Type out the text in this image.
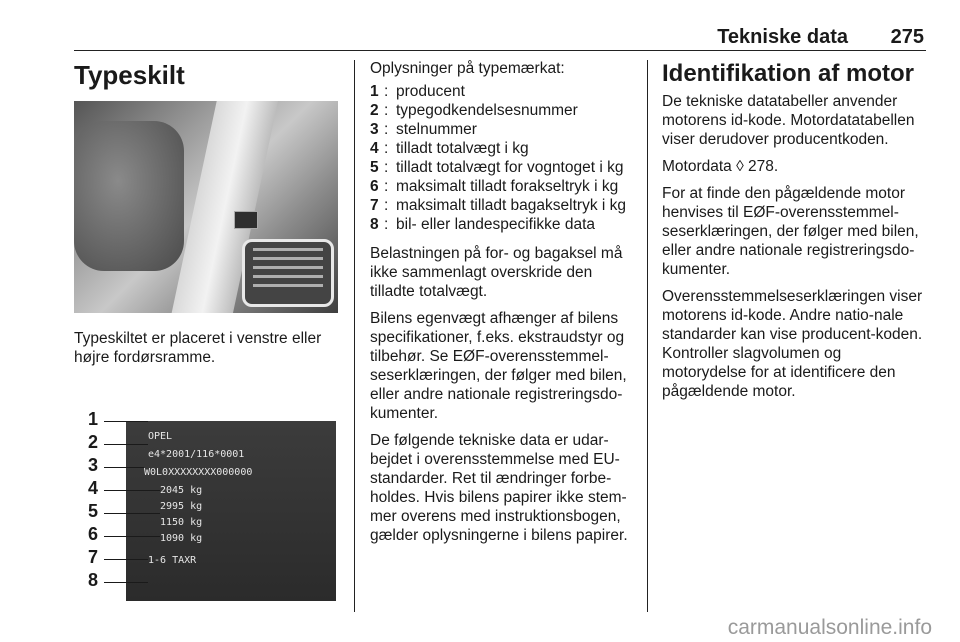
Tekniske data 275
Typeskilt

Typeskiltet er placeret i venstre eller højre fordørsramme.

OPEL
e4*2001/116*0001
W0L0XXXXXXXX000000
2045 kg
2995 kg
1150 kg
1090 kg
1-6 TAXR
1
2
3
4
5
6
7
8
Oplysninger på typemærkat:
1 : producent
2 : typegodkendelsesnummer
3 : stelnummer
4 : tilladt totalvægt i kg
5 : tilladt totalvægt for vogntoget i kg
6 : maksimalt tilladt forakseltryk i kg
7 : maksimalt tilladt bagakseltryk i kg
8 : bil- eller landespecifikke data

Belastningen på for- og bagaksel må ikke sammenlagt overskride den tilladte totalvægt.

Bilens egenvægt afhænger af bilens specifikationer, f.eks. ekstraudstyr og tilbehør. Se EØF-overensstemmel-seserklæringen, der følger med bilen, eller andre nationale registreringsdo-kumenter.

De følgende tekniske data er udar-bejdet i overensstemmelse med EU-standarder. Ret til ændringer forbe-holdes. Hvis bilens papirer ikke stem-mer overens med instruktionsbogen, gælder oplysningerne i bilens papirer.

Identifikation af motor

De tekniske datatabeller anvender motorens id-kode. Motordatatabellen viser derudover producentkoden.

Motordata ◊ 278.

For at finde den pågældende motor henvises til EØF-overensstemmel-seserklæringen, der følger med bilen, eller andre nationale registreringsdo-kumenter.

Overensstemmelseserklæringen viser motorens id-kode. Andre natio-nale standarder kan vise producent-koden. Kontroller slagvolumen og motorydelse for at identificere den pågældende motor.

carmanualsonline.info
